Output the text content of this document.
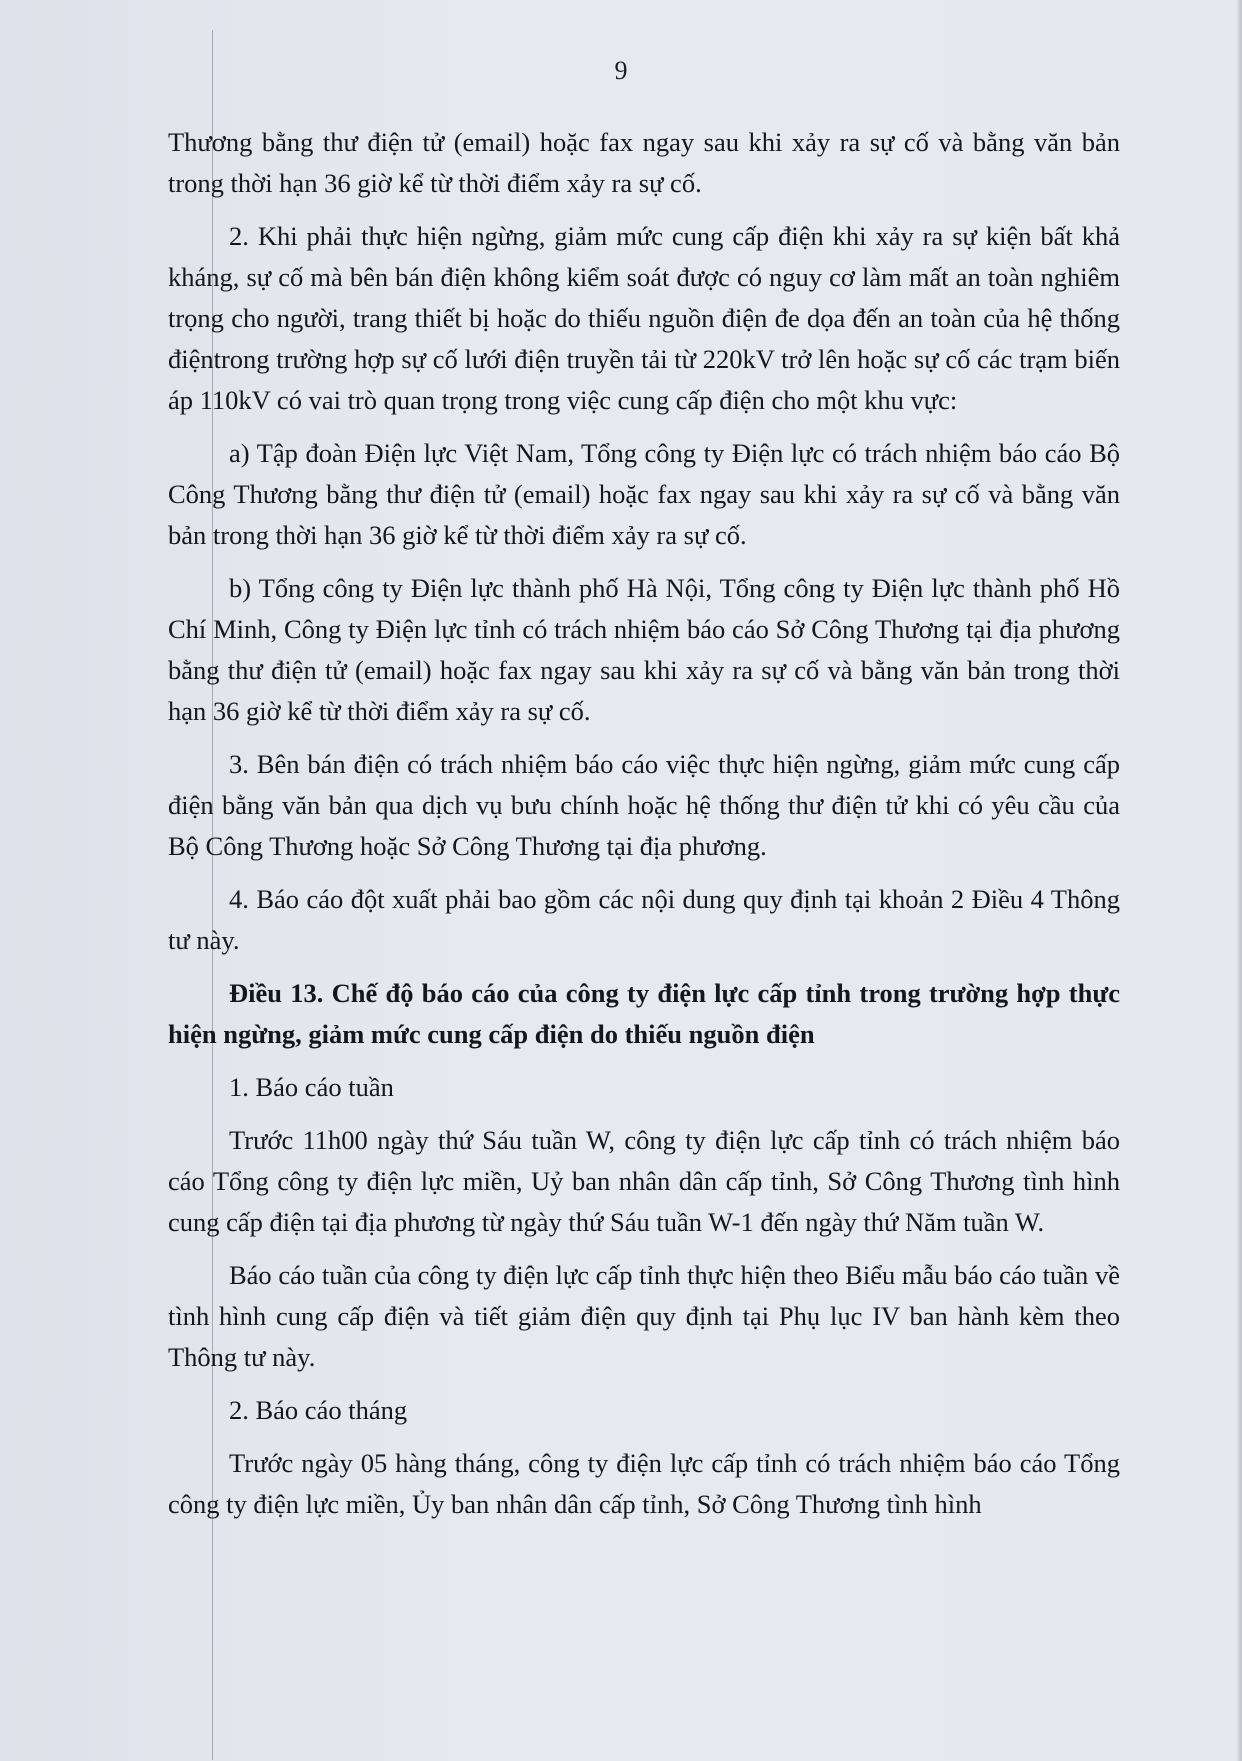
9

Thương bằng thư điện tử (email) hoặc fax ngay sau khi xảy ra sự cố và bằng văn bản trong thời hạn 36 giờ kể từ thời điểm xảy ra sự cố.

2. Khi phải thực hiện ngừng, giảm mức cung cấp điện khi xảy ra sự kiện bất khả kháng, sự cố mà bên bán điện không kiểm soát được có nguy cơ làm mất an toàn nghiêm trọng cho người, trang thiết bị hoặc do thiếu nguồn điện đe dọa đến an toàn của hệ thống điệntrong trường hợp sự cố lưới điện truyền tải từ 220kV trở lên hoặc sự cố các trạm biến áp 110kV có vai trò quan trọng trong việc cung cấp điện cho một khu vực:

a) Tập đoàn Điện lực Việt Nam, Tổng công ty Điện lực có trách nhiệm báo cáo Bộ Công Thương bằng thư điện tử (email) hoặc fax ngay sau khi xảy ra sự cố và bằng văn bản trong thời hạn 36 giờ kể từ thời điểm xảy ra sự cố.

b) Tổng công ty Điện lực thành phố Hà Nội, Tổng công ty Điện lực thành phố Hồ Chí Minh, Công ty Điện lực tỉnh có trách nhiệm báo cáo Sở Công Thương tại địa phương bằng thư điện tử (email) hoặc fax ngay sau khi xảy ra sự cố và bằng văn bản trong thời hạn 36 giờ kể từ thời điểm xảy ra sự cố.

3. Bên bán điện có trách nhiệm báo cáo việc thực hiện ngừng, giảm mức cung cấp điện bằng văn bản qua dịch vụ bưu chính hoặc hệ thống thư điện tử khi có yêu cầu của Bộ Công Thương hoặc Sở Công Thương tại địa phương.

4. Báo cáo đột xuất phải bao gồm các nội dung quy định tại khoản 2 Điều 4 Thông tư này.

Điều 13. Chế độ báo cáo của công ty điện lực cấp tỉnh trong trường hợp thực hiện ngừng, giảm mức cung cấp điện do thiếu nguồn điện

1. Báo cáo tuần

Trước 11h00 ngày thứ Sáu tuần W, công ty điện lực cấp tỉnh có trách nhiệm báo cáo Tổng công ty điện lực miền, Uỷ ban nhân dân cấp tỉnh, Sở Công Thương tình hình cung cấp điện tại địa phương từ ngày thứ Sáu tuần W-1 đến ngày thứ Năm tuần W.

Báo cáo tuần của công ty điện lực cấp tỉnh thực hiện theo Biểu mẫu báo cáo tuần về tình hình cung cấp điện và tiết giảm điện quy định tại Phụ lục IV ban hành kèm theo Thông tư này.

2. Báo cáo tháng

Trước ngày 05 hàng tháng, công ty điện lực cấp tỉnh có trách nhiệm báo cáo Tổng công ty điện lực miền, Ủy ban nhân dân cấp tỉnh, Sở Công Thương tình hình
